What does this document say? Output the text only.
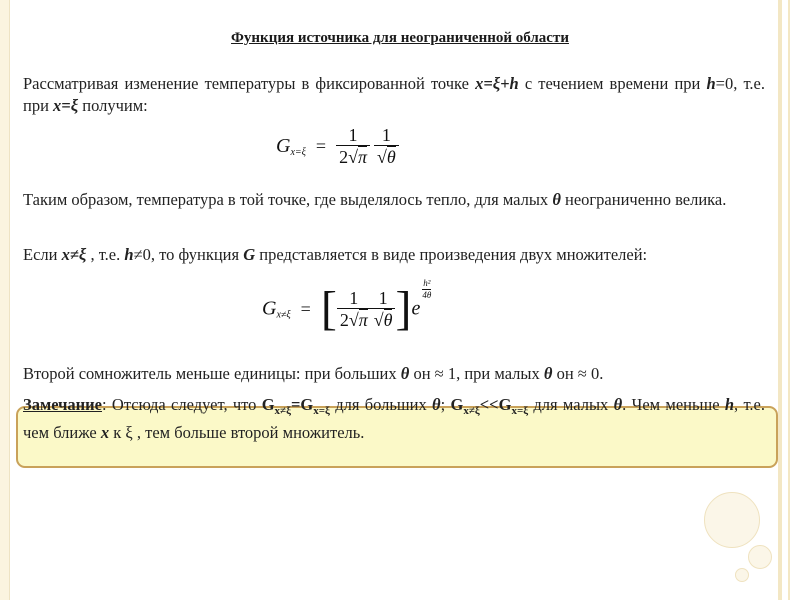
Функция источника для неограниченной области
Рассматривая изменение температуры в фиксированной точке x=ξ+h с течением времени при h=0, т.е. при x=ξ получим:
$G_{x=\xi} = \frac{1}{2√\pi}$
$\frac{1}{√\theta}$
Таким образом, температура в той точке, где выделялось тепло, для малых θ неограниченно велика.
Если x≠ξ , т.е. h≠0, то функция G представляется в виде произведения двух множителей:
$G_{x\ne\xi}$ = [ $\frac{1}{2√\pi} \frac{1}{√\theta} ]e$
$\frac{\text{h²}}{4\theta}$
Второй сомножитель меньше единицы: при больших θ он ≈ 1, при малых θ он ≈ 0.
Замечание: Отсюда следует, что $G_{x\ne\xi}=G_{x=\xi}$ для больших θ; $G_{x\ne\xi}<<G_{x=\xi}$ для малых θ. Чем меньше h, т.е. чем ближе x к ξ , тем больше второй множитель.
